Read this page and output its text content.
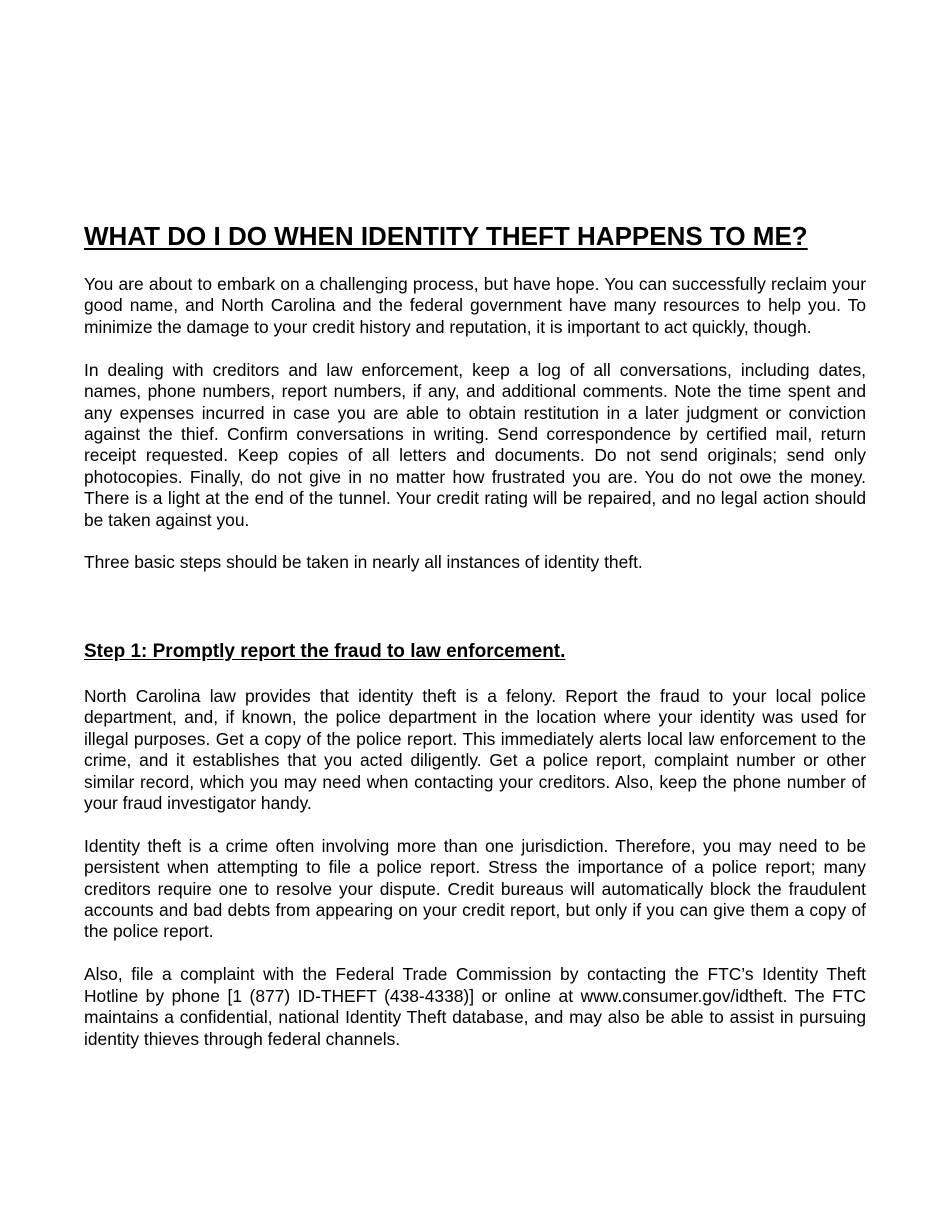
WHAT DO I DO WHEN IDENTITY THEFT HAPPENS TO ME?

You are about to embark on a challenging process, but have hope. You can successfully reclaim your good name, and North Carolina and the federal government have many resources to help you. To minimize the damage to your credit history and reputation, it is important to act quickly, though.

In dealing with creditors and law enforcement, keep a log of all conversations, including dates, names, phone numbers, report numbers, if any, and additional comments. Note the time spent and any expenses incurred in case you are able to obtain restitution in a later judgment or conviction against the thief. Confirm conversations in writing. Send correspondence by certified mail, return receipt requested. Keep copies of all letters and documents. Do not send originals; send only photocopies. Finally, do not give in no matter how frustrated you are. You do not owe the money. There is a light at the end of the tunnel. Your credit rating will be repaired, and no legal action should be taken against you.

Three basic steps should be taken in nearly all instances of identity theft.

Step 1: Promptly report the fraud to law enforcement.

North Carolina law provides that identity theft is a felony. Report the fraud to your local police department, and, if known, the police department in the location where your identity was used for illegal purposes. Get a copy of the police report. This immediately alerts local law enforcement to the crime, and it establishes that you acted diligently. Get a police report, complaint number or other similar record, which you may need when contacting your creditors. Also, keep the phone number of your fraud investigator handy.

Identity theft is a crime often involving more than one jurisdiction. Therefore, you may need to be persistent when attempting to file a police report. Stress the importance of a police report; many creditors require one to resolve your dispute. Credit bureaus will automatically block the fraudulent accounts and bad debts from appearing on your credit report, but only if you can give them a copy of the police report.

Also, file a complaint with the Federal Trade Commission by contacting the FTC’s Identity Theft Hotline by phone [1 (877) ID-THEFT (438-4338)] or online at www.consumer.gov/idtheft. The FTC maintains a confidential, national Identity Theft database, and may also be able to assist in pursuing identity thieves through federal channels.
